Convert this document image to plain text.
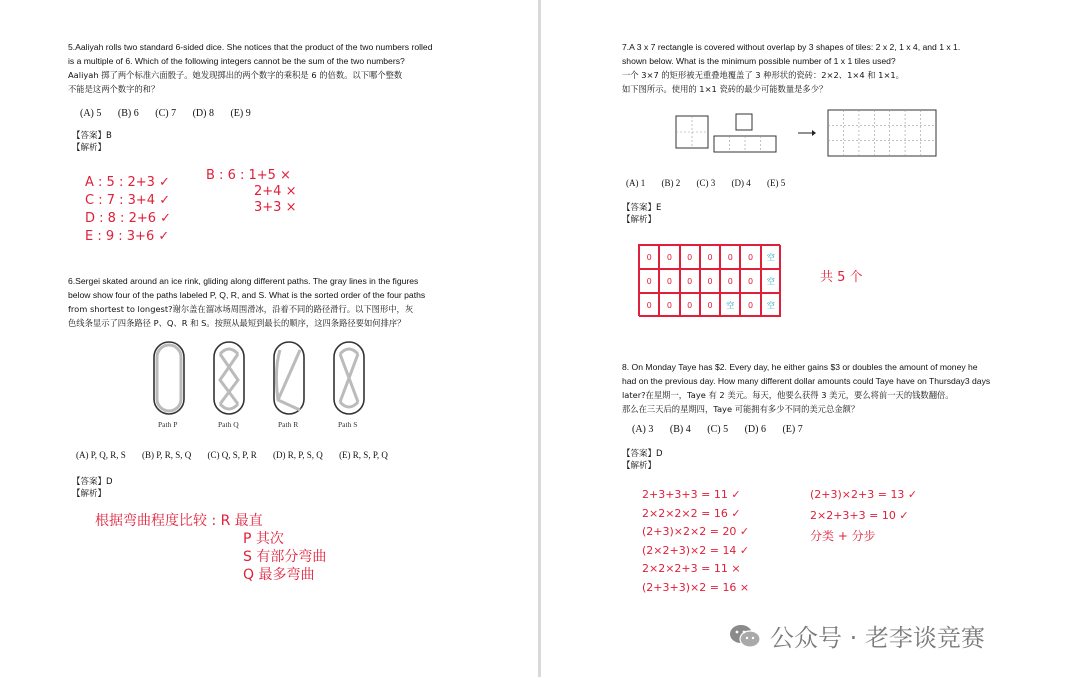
5.Aaliyah rolls two standard 6-sided dice. She notices that the product of the two numbers rolled
is a multiple of 6. Which of the following integers cannot be the sum of the two numbers?
Aaliyah 掷了两个标准六面骰子。她发现掷出的两个数字的乘积是 6 的倍数。以下哪个整数
不能是这两个数字的和？
(A) 5 (B) 6 (C) 7 (D) 8 (E) 9
【答案】B
【解析】
A : 5 : 2+3 ✓
C : 7 : 3+4 ✓
D : 8 : 2+6 ✓
E : 9 : 3+6 ✓
B : 6 : 1+5 ×
2+4 ×
3+3 ×
6.Sergei skated around an ice rink, gliding along different paths. The gray lines in the figures
below show four of the paths labeled P, Q, R, and S. What is the sorted order of the four paths
from shortest to longest?谢尔盖在溜冰场周围滑冰，沿着不同的路径滑行。以下图形中，灰
色线条显示了四条路径 P、Q、R 和 S。按照从最短到最长的顺序，这四条路径要如何排序？
Path P	Path Q	Path R	Path S
(A) P, Q, R, S (B) P, R, S, Q (C) Q, S, P, R (D) R, P, S, Q (E) R, S, P, Q
【答案】D
【解析】
根据弯曲程度比较 : R 最直
P 其次
S 有部分弯曲
Q 最多弯曲
7.A 3 x 7 rectangle is covered without overlap by 3 shapes of tiles: 2 x 2, 1 x 4, and 1 x 1.
shown below. What is the minimum possible number of 1 x 1 tiles used?
一个 3×7 的矩形被无重叠地覆盖了 3 种形状的瓷砖：2×2、1×4 和 1×1。
如下图所示。使用的 1×1 瓷砖的最少可能数量是多少？
(A) 1 (B) 2 (C) 3 (D) 4 (E) 5
【答案】E
【解析】
0	0	0	0	0	0	空
0	0	0	0	0	0	空
0	0	0	0	空	0	空
共 5 个
8. On Monday Taye has $2. Every day, he either gains $3 or doubles the amount of money he
had on the previous day. How many different dollar amounts could Taye have on Thursday3 days
later?在星期一，Taye 有 2 美元。每天，他要么获得 3 美元，要么将前一天的钱数翻倍。
那么在三天后的星期四，Taye 可能拥有多少不同的美元总金额？
(A) 3 (B) 4 (C) 5 (D) 6 (E) 7
【答案】D
【解析】
2+3+3+3 = 11 ✓
2×2×2×2 = 16 ✓
(2+3)×2×2 = 20 ✓
(2×2+3)×2 = 14 ✓
2×2×2+3 = 11 ×
(2+3+3)×2 = 16 ×
(2+3)×2+3 = 13 ✓
2×2+3+3 = 10 ✓
分类 + 分步
公众号 · 老李谈竞赛
